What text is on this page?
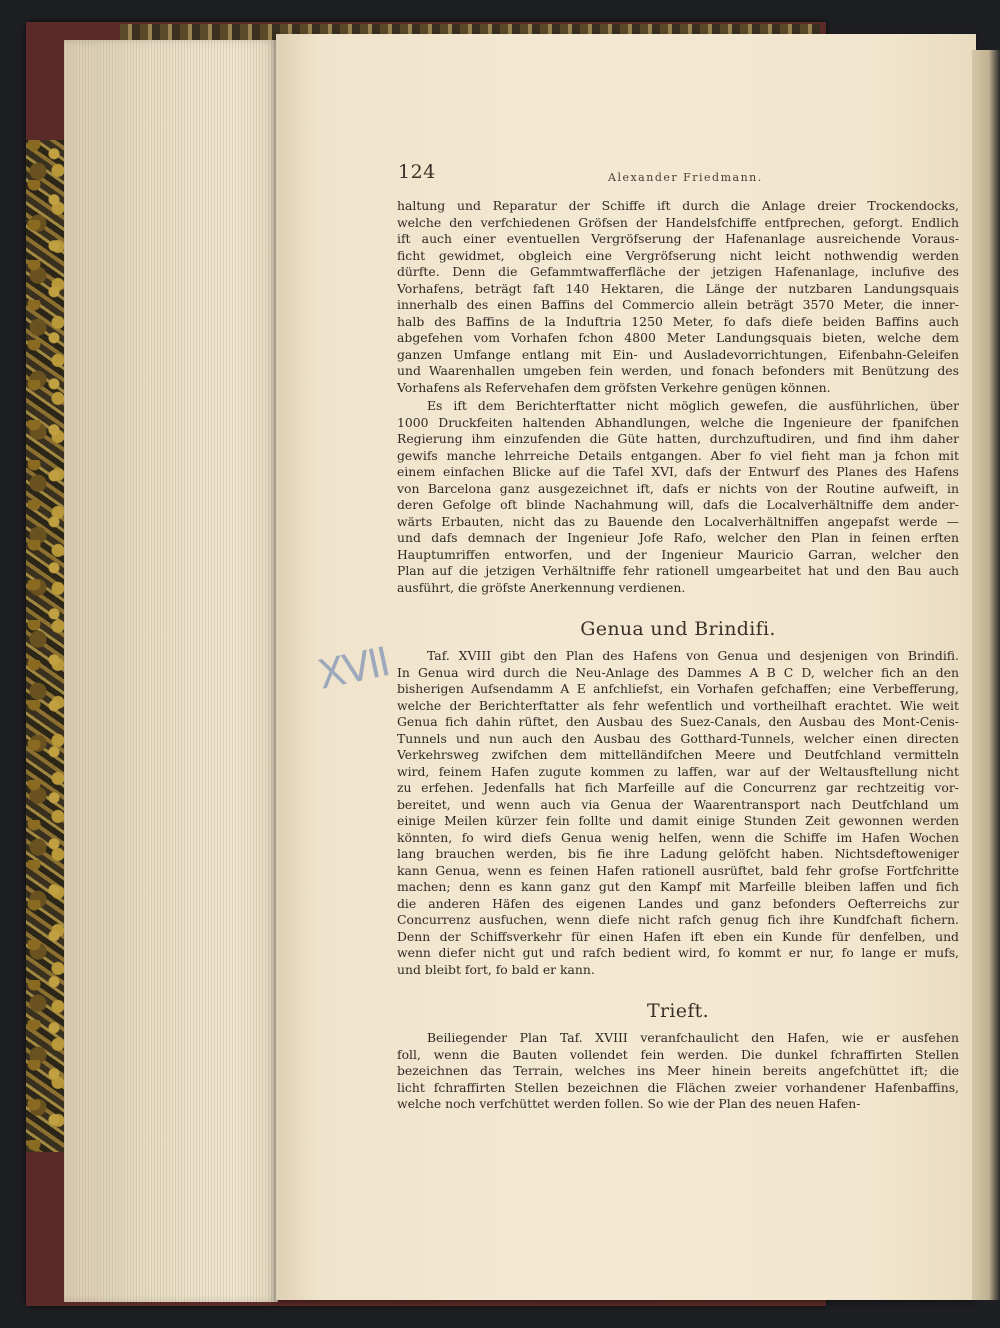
124	Alexander Friedmann.
haltung und Reparatur der Schiffe ift durch die Anlage dreier Trockendocks,
welche den verfchiedenen Gröfsen der Handelsfchiffe entfprechen, geforgt. Endlich
ift auch einer eventuellen Vergröfserung der Hafenanlage ausreichende Voraus-
ficht gewidmet, obgleich eine Vergröfserung nicht leicht nothwendig werden
dürfte. Denn die Gefammtwafferfläche der jetzigen Hafenanlage, inclufive des
Vorhafens, beträgt faft 140 Hektaren, die Länge der nutzbaren Landungsquais
innerhalb des einen Baffins del Commercio allein beträgt 3570 Meter, die inner-
halb des Baffins de la Induftria 1250 Meter, fo dafs diefe beiden Baffins auch
abgefehen vom Vorhafen fchon 4800 Meter Landungsquais bieten, welche dem
ganzen Umfange entlang mit Ein- und Ausladevorrichtungen, Eifenbahn-Geleifen
und Waarenhallen umgeben fein werden, und fonach befonders mit Benützung des
Vorhafens als Refervehafen dem gröfsten Verkehre genügen können.
Es ift dem Berichterftatter nicht möglich gewefen, die ausführlichen, über
1000 Druckfeiten haltenden Abhandlungen, welche die Ingenieure der fpanifchen
Regierung ihm einzufenden die Güte hatten, durchzuftudiren, und find ihm daher
gewifs manche lehrreiche Details entgangen. Aber fo viel fieht man ja fchon mit
einem einfachen Blicke auf die Tafel XVI, dafs der Entwurf des Planes des Hafens
von Barcelona ganz ausgezeichnet ift, dafs er nichts von der Routine aufweift, in
deren Gefolge oft blinde Nachahmung will, dafs die Localverhältniffe dem ander-
wärts Erbauten, nicht das zu Bauende den Localverhältniffen angepafst werde —
und dafs demnach der Ingenieur Jofe Rafo, welcher den Plan in feinen erften
Hauptumriffen entworfen, und der Ingenieur Mauricio Garran, welcher den
Plan auf die jetzigen Verhältniffe fehr rationell umgearbeitet hat und den Bau auch
ausführt, die gröfste Anerkennung verdienen.
Genua und Brindifi.
XVII	Taf. XVIII gibt den Plan des Hafens von Genua und desjenigen von Brindifi.
In Genua wird durch die Neu-Anlage des Dammes A B C D, welcher fich an den
bisherigen Aufsendamm A E anfchliefst, ein Vorhafen gefchaffen; eine Verbefferung,
welche der Berichterftatter als fehr wefentlich und vortheilhaft erachtet. Wie weit
Genua fich dahin rüftet, den Ausbau des Suez-Canals, den Ausbau des Mont-Cenis-
Tunnels und nun auch den Ausbau des Gotthard-Tunnels, welcher einen directen
Verkehrsweg zwifchen dem mittelländifchen Meere und Deutfchland vermitteln
wird, feinem Hafen zugute kommen zu laffen, war auf der Weltausftellung nicht
zu erfehen. Jedenfalls hat fich Marfeille auf die Concurrenz gar rechtzeitig vor-
bereitet, und wenn auch via Genua der Waarentransport nach Deutfchland um
einige Meilen kürzer fein follte und damit einige Stunden Zeit gewonnen werden
könnten, fo wird diefs Genua wenig helfen, wenn die Schiffe im Hafen Wochen
lang brauchen werden, bis fie ihre Ladung gelöfcht haben. Nichtsdeftoweniger
kann Genua, wenn es feinen Hafen rationell ausrüftet, bald fehr grofse Fortfchritte
machen; denn es kann ganz gut den Kampf mit Marfeille bleiben laffen und fich
die anderen Häfen des eigenen Landes und ganz befonders Oefterreichs zur
Concurrenz ausfuchen, wenn diefe nicht rafch genug fich ihre Kundfchaft fichern.
Denn der Schiffsverkehr für einen Hafen ift eben ein Kunde für denfelben, und
wenn diefer nicht gut und rafch bedient wird, fo kommt er nur, fo lange er mufs,
und bleibt fort, fo bald er kann.
Trieft.
Beiliegender Plan Taf. XVIII veranfchaulicht den Hafen, wie er ausfehen
foll, wenn die Bauten vollendet fein werden. Die dunkel fchraffirten Stellen
bezeichnen das Terrain, welches ins Meer hinein bereits angefchüttet ift; die
licht fchraffirten Stellen bezeichnen die Flächen zweier vorhandener Hafenbaffins,
welche noch verfchüttet werden follen. So wie der Plan des neuen Hafen-
